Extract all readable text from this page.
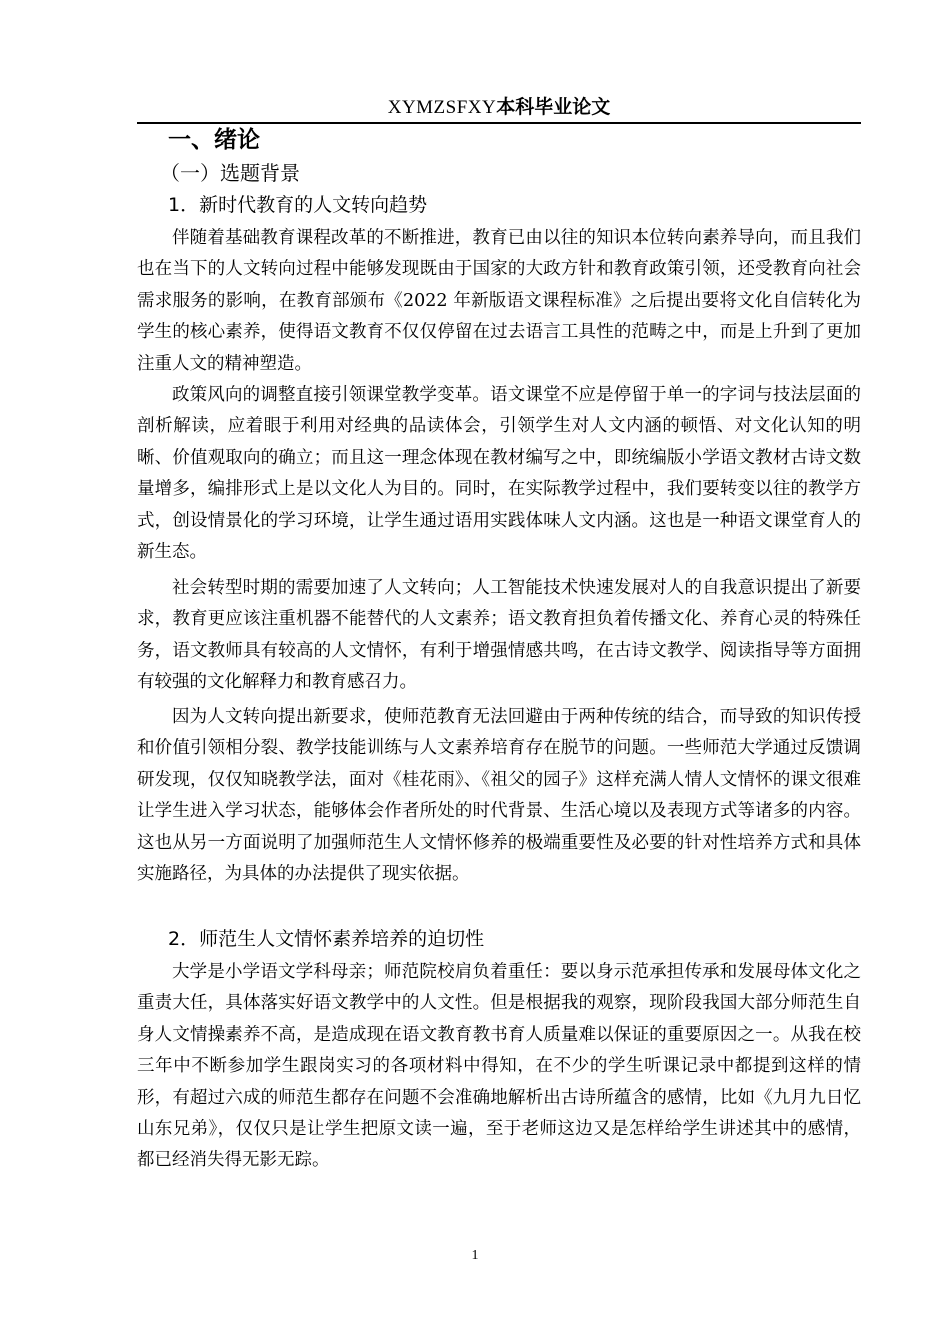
XYMZSFXY本科毕业论文
一、绪论
（一）选题背景
1．新时代教育的人文转向趋势

伴随着基础教育课程改革的不断推进，教育已由以往的知识本位转向素养导向，而且我们也在当下的人文转向过程中能够发现既由于国家的大政方针和教育政策引领，还受教育向社会需求服务的影响，在教育部颁布《2022 年新版语文课程标准》之后提出要将文化自信转化为学生的核心素养，使得语文教育不仅仅停留在过去语言工具性的范畴之中，而是上升到了更加注重人文的精神塑造。

政策风向的调整直接引领课堂教学变革。语文课堂不应是停留于单一的字词与技法层面的剖析解读，应着眼于利用对经典的品读体会，引领学生对人文内涵的顿悟、对文化认知的明晰、价值观取向的确立；而且这一理念体现在教材编写之中，即统编版小学语文教材古诗文数量增多，编排形式上是以文化人为目的。同时，在实际教学过程中，我们要转变以往的教学方式，创设情景化的学习环境，让学生通过语用实践体味人文内涵。这也是一种语文课堂育人的新生态。

社会转型时期的需要加速了人文转向；人工智能技术快速发展对人的自我意识提出了新要求，教育更应该注重机器不能替代的人文素养；语文教育担负着传播文化、养育心灵的特殊任务，语文教师具有较高的人文情怀，有利于增强情感共鸣，在古诗文教学、阅读指导等方面拥有较强的文化解释力和教育感召力。

因为人文转向提出新要求，使师范教育无法回避由于两种传统的结合，而导致的知识传授和价值引领相分裂、教学技能训练与人文素养培育存在脱节的问题。一些师范大学通过反馈调研发现，仅仅知晓教学法，面对《桂花雨》、《祖父的园子》这样充满人情人文情怀的课文很难让学生进入学习状态，能够体会作者所处的时代背景、生活心境以及表现方式等诸多的内容。这也从另一方面说明了加强师范生人文情怀修养的极端重要性及必要的针对性培养方式和具体实施路径，为具体的办法提供了现实依据。

2．师范生人文情怀素养培养的迫切性

大学是小学语文学科母亲；师范院校肩负着重任：要以身示范承担传承和发展母体文化之重责大任，具体落实好语文教学中的人文性。但是根据我的观察，现阶段我国大部分师范生自身人文情操素养不高，是造成现在语文教育教书育人质量难以保证的重要原因之一。从我在校三年中不断参加学生跟岗实习的各项材料中得知，在不少的学生听课记录中都提到这样的情形，有超过六成的师范生都存在问题不会准确地解析出古诗所蕴含的感情，比如《九月九日忆山东兄弟》，仅仅只是让学生把原文读一遍，至于老师这边又是怎样给学生讲述其中的感情，都已经消失得无影无踪。

1
